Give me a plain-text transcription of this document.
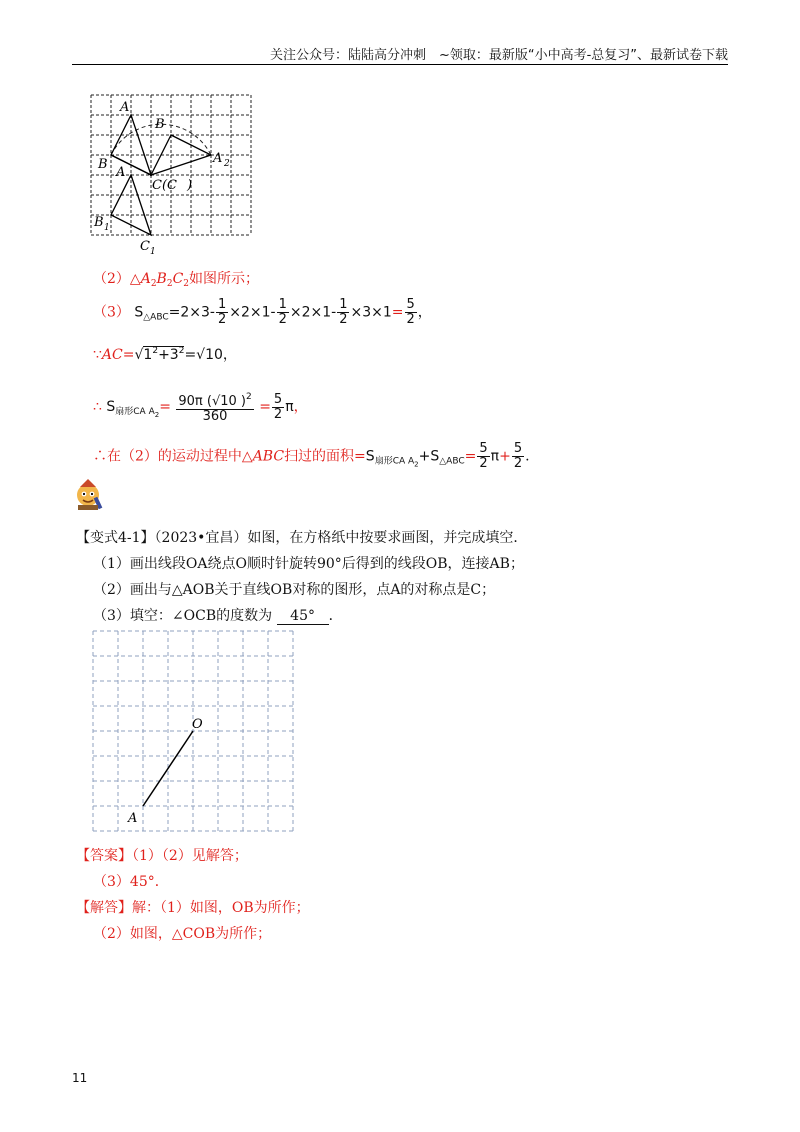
关注公众号：陆陆高分冲刺　~领取：最新版“小中高考-总复习”、最新试卷下载
A
B
B
A 2
A
C(C )
B 1
C 1
$(2)\triangle A_2B_2C_2$如图所示；
（3） $S_{\triangle ABC}=2\times 3- \frac{1}{2} \times 2\times 1- \frac{1}{2} \times 2\times 1- \frac{1}{2} \times 3\times 1= \frac{5}{2}$ ，
$\because AC=√1^2+3^2=√10$，
∴ $S_{扇形CA A2}= \frac{90\pi (√10 )^2}{360} = \frac{5}{2}$ π，
∴在（2）的运动过程中△ABC扫过的面积$=S_{扇形CA A2}+S_{\triangle ABC}= \frac{5}{2} \pi+ \frac{5}{2}$ .
【变式4-1】（2023•宜昌）如图，在方格纸中按要求画图，并完成填空．
（1）画出线段OA绕点O顺时针旋转90°后得到的线段OB，连接AB；
（2）画出与△AOB关于直线OB对称的图形，点A的对称点是C；
（3）填空：∠OCB的度数为 45° ．
O
A
【答案】（1）（2）见解答；
（3）45°．
【解答】解：（1）如图，OB为所作；
（2）如图，△COB为所作；
11
